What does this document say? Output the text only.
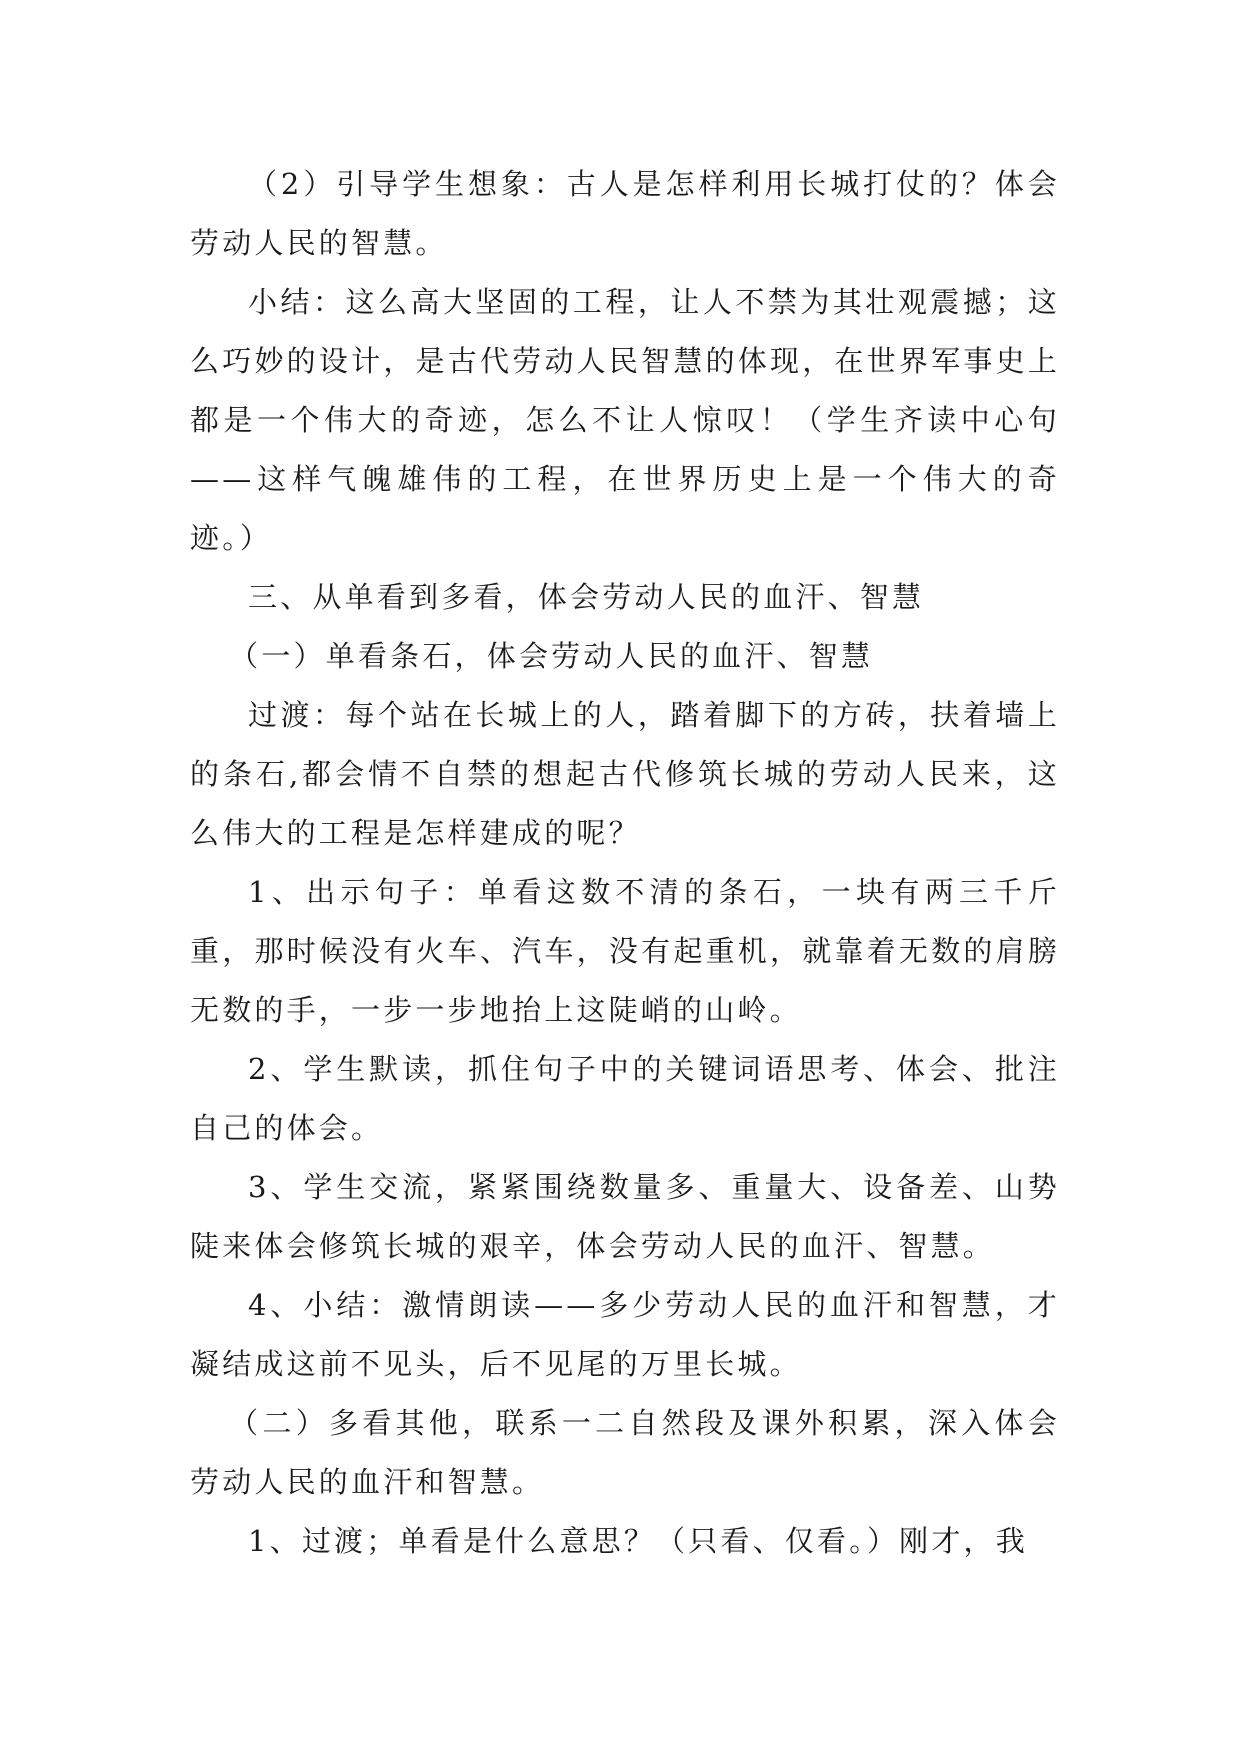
（2）引导学生想象：古人是怎样利用长城打仗的？体会劳动人民的智慧。

小结：这么高大坚固的工程，让人不禁为其壮观震撼；这么巧妙的设计，是古代劳动人民智慧的体现，在世界军事史上都是一个伟大的奇迹，怎么不让人惊叹！（学生齐读中心句——这样气魄雄伟的工程，在世界历史上是一个伟大的奇迹。）

三、从单看到多看，体会劳动人民的血汗、智慧

（一）单看条石，体会劳动人民的血汗、智慧

过渡：每个站在长城上的人，踏着脚下的方砖，扶着墙上的条石,都会情不自禁的想起古代修筑长城的劳动人民来，这么伟大的工程是怎样建成的呢？

1、出示句子：单看这数不清的条石，一块有两三千斤重，那时候没有火车、汽车，没有起重机，就靠着无数的肩膀无数的手，一步一步地抬上这陡峭的山岭。

2、学生默读，抓住句子中的关键词语思考、体会、批注自己的体会。

3、学生交流，紧紧围绕数量多、重量大、设备差、山势陡来体会修筑长城的艰辛，体会劳动人民的血汗、智慧。

4、小结：激情朗读——多少劳动人民的血汗和智慧，才凝结成这前不见头，后不见尾的万里长城。

（二）多看其他，联系一二自然段及课外积累，深入体会劳动人民的血汗和智慧。

1、过渡；单看是什么意思？（只看、仅看。）刚才，我
